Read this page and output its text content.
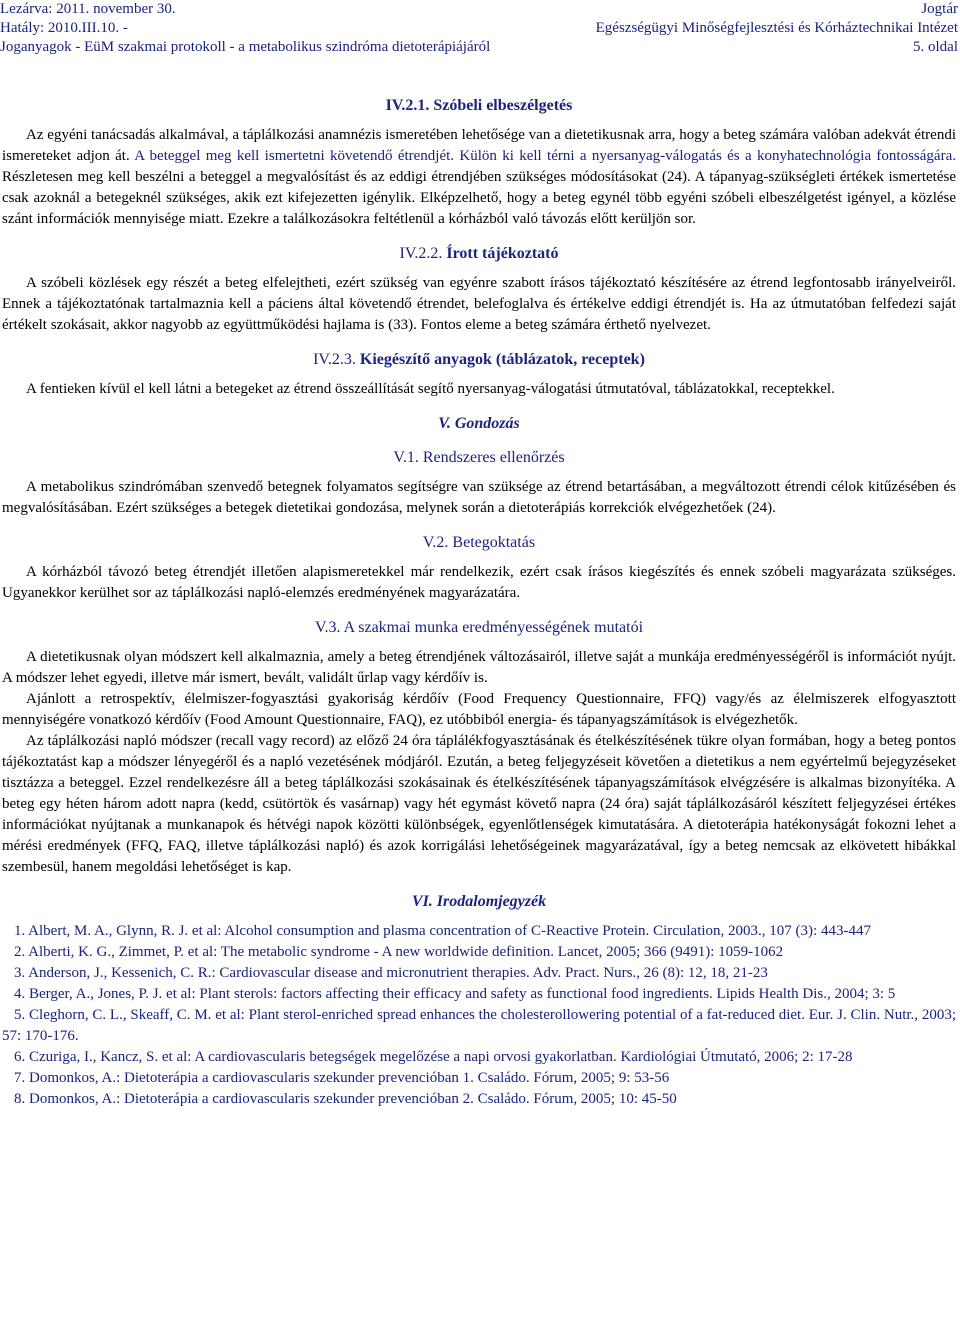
Lezárva: 2011. november 30.
Hatály: 2010.III.10. -
Joganyagok - EüM szakmai protokoll - a metabolikus szindróma dietoterápiájáról
Jogtár
Egészségügyi Minőségfejlesztési és Kórháztechnikai Intézet
5. oldal
IV.2.1. Szóbeli elbeszélgetés

Az egyéni tanácsadás alkalmával, a táplálkozási anamnézis ismeretében lehetősége van a dietetikusnak arra, hogy a beteg számára valóban adekvát étrendi ismereteket adjon át. A beteggel meg kell ismertetni követendő étrendjét. Külön ki kell térni a nyersanyag-válogatás és a konyhatechnológia fontosságára. Részletesen meg kell beszélni a beteggel a megvalósítást és az eddigi étrendjében szükséges módosításokat (24). A tápanyag-szükségleti értékek ismertetése csak azoknál a betegeknél szükséges, akik ezt kifejezetten igénylik. Elképzelhető, hogy a beteg egynél több egyéni szóbeli elbeszélgetést igényel, a közlése szánt információk mennyisége miatt. Ezekre a találkozásokra feltétlenül a kórházból való távozás előtt kerüljön sor.

IV.2.2. Írott tájékoztató

A szóbeli közlések egy részét a beteg elfelejtheti, ezért szükség van egyénre szabott írásos tájékoztató készítésére az étrend legfontosabb irányelveiről. Ennek a tájékoztatónak tartalmaznia kell a páciens által követendő étrendet, belefoglalva és értékelve eddigi étrendjét is. Ha az útmutatóban felfedezi saját értékelt szokásait, akkor nagyobb az együttműködési hajlama is (33). Fontos eleme a beteg számára érthető nyelvezet.

IV.2.3. Kiegészítő anyagok (táblázatok, receptek)

A fentieken kívül el kell látni a betegeket az étrend összeállítását segítő nyersanyag-válogatási útmutatóval, táblázatokkal, receptekkel.

V. Gondozás
V.1. Rendszeres ellenőrzés

A metabolikus szindrómában szenvedő betegnek folyamatos segítségre van szüksége az étrend betartásában, a megváltozott étrendi célok kitűzésében és megvalósításában. Ezért szükséges a betegek dietetikai gondozása, melynek során a dietoterápiás korrekciók elvégezhetőek (24).

V.2. Betegoktatás

A kórházból távozó beteg étrendjét illetően alapismeretekkel már rendelkezik, ezért csak írásos kiegészítés és ennek szóbeli magyarázata szükséges. Ugyanekkor kerülhet sor az táplálkozási napló-elemzés eredményének magyarázatára.

V.3. A szakmai munka eredményességének mutatói

A dietetikusnak olyan módszert kell alkalmaznia, amely a beteg étrendjének változásairól, illetve saját a munkája eredményességéről is információt nyújt. A módszer lehet egyedi, illetve már ismert, bevált, validált űrlap vagy kérdőív is.

Ajánlott a retrospektív, élelmiszer-fogyasztási gyakoriság kérdőív (Food Frequency Questionnaire, FFQ) vagy/és az élelmiszerek elfogyasztott mennyiségére vonatkozó kérdőív (Food Amount Questionnaire, FAQ), ez utóbbiból energia- és tápanyagszámítások is elvégezhetők.

Az táplálkozási napló módszer (recall vagy record) az előző 24 óra táplálékfogyasztásának és ételkészítésének tükre olyan formában, hogy a beteg pontos tájékoztatást kap a módszer lényegéről és a napló vezetésének módjáról. Ezután, a beteg feljegyzéseit követően a dietetikus a nem egyértelmű bejegyzéseket tisztázza a beteggel. Ezzel rendelkezésre áll a beteg táplálkozási szokásainak és ételkészítésének tápanyagszámítások elvégzésére is alkalmas bizonyítéka. A beteg egy héten három adott napra (kedd, csütörtök és vasárnap) vagy hét egymást követő napra (24 óra) saját táplálkozásáról készített feljegyzései értékes információkat nyújtanak a munkanapok és hétvégi napok közötti különbségek, egyenlőtlenségek kimutatására. A dietoterápia hatékonyságát fokozni lehet a mérési eredmények (FFQ, FAQ, illetve táplálkozási napló) és azok korrigálási lehetőségeinek magyarázatával, így a beteg nemcsak az elkövetett hibákkal szembesül, hanem megoldási lehetőséget is kap.

VI. Irodalomjegyzék
1. Albert, M. A., Glynn, R. J. et al: Alcohol consumption and plasma concentration of C-Reactive Protein. Circulation, 2003., 107 (3): 443-447
2. Alberti, K. G., Zimmet, P. et al: The metabolic syndrome - A new worldwide definition. Lancet, 2005; 366 (9491): 1059-1062
3. Anderson, J., Kessenich, C. R.: Cardiovascular disease and micronutrient therapies. Adv. Pract. Nurs., 26 (8): 12, 18, 21-23
4. Berger, A., Jones, P. J. et al: Plant sterols: factors affecting their efficacy and safety as functional food ingredients. Lipids Health Dis., 2004; 3: 5
5. Cleghorn, C. L., Skeaff, C. M. et al: Plant sterol-enriched spread enhances the cholesterollowering potential of a fat-reduced diet. Eur. J. Clin. Nutr., 2003; 57: 170-176.
6. Czuriga, I., Kancz, S. et al: A cardiovascularis betegségek megelőzése a napi orvosi gyakorlatban. Kardiológiai Útmutató, 2006; 2: 17-28
7. Domonkos, A.: Dietoterápia a cardiovascularis szekunder prevencióban 1. Családo. Fórum, 2005; 9: 53-56
8. Domonkos, A.: Dietoterápia a cardiovascularis szekunder prevencióban 2. Családo. Fórum, 2005; 10: 45-50
